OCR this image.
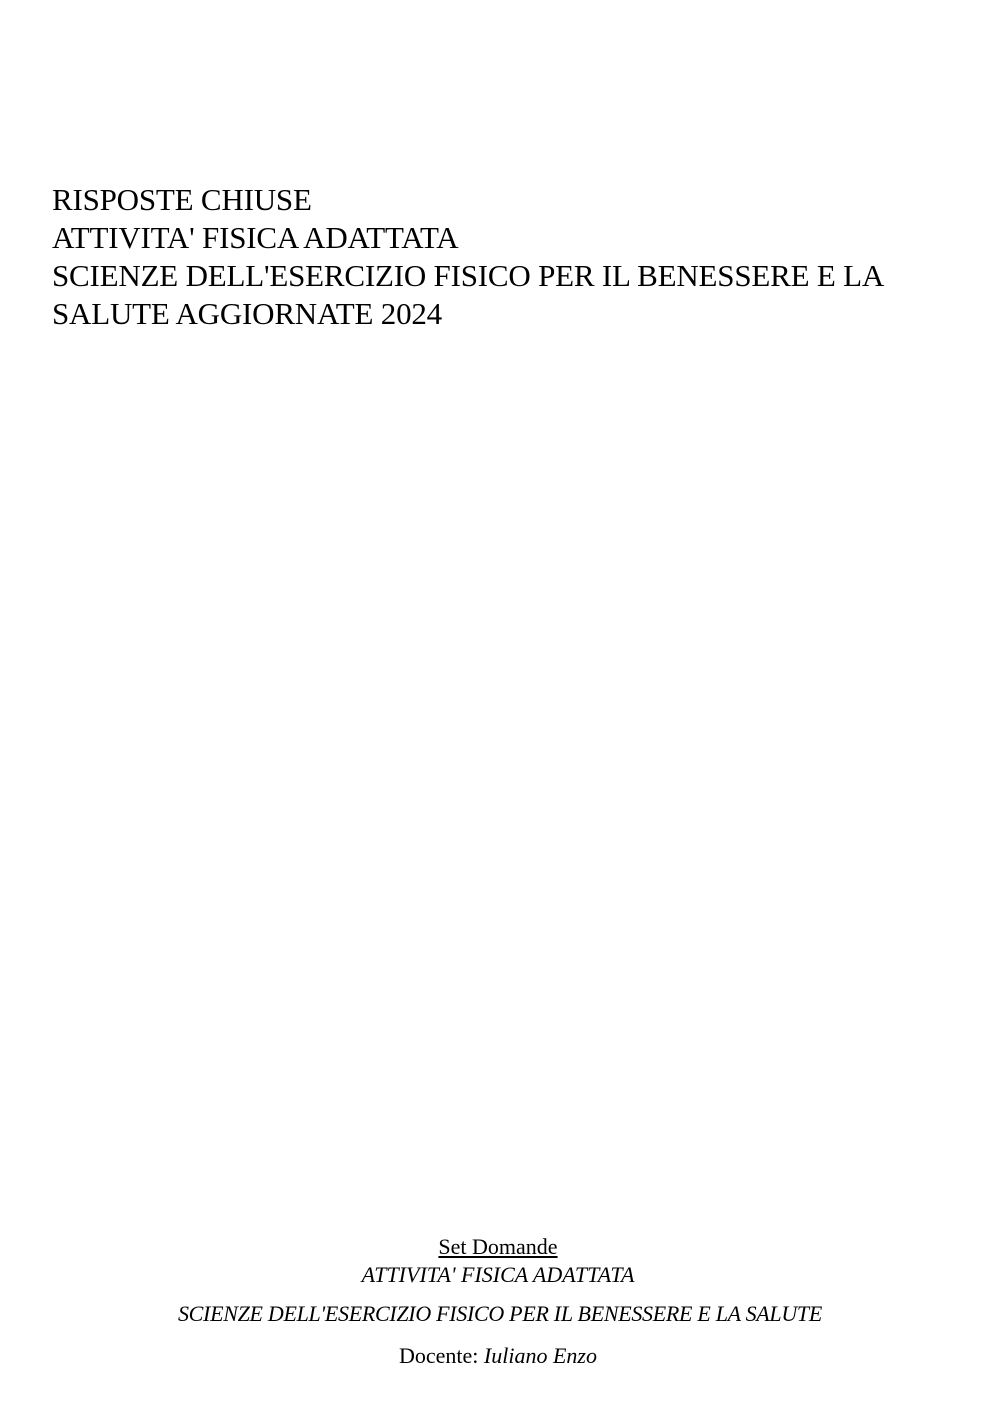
RISPOSTE CHIUSE
ATTIVITA' FISICA ADATTATA
SCIENZE DELL'ESERCIZIO FISICO PER IL BENESSERE E LA
SALUTE AGGIORNATE 2024
Set Domande
ATTIVITA' FISICA ADATTATA
SCIENZE DELL'ESERCIZIO FISICO PER IL BENESSERE E LA SALUTE
Docente: Iuliano Enzo
